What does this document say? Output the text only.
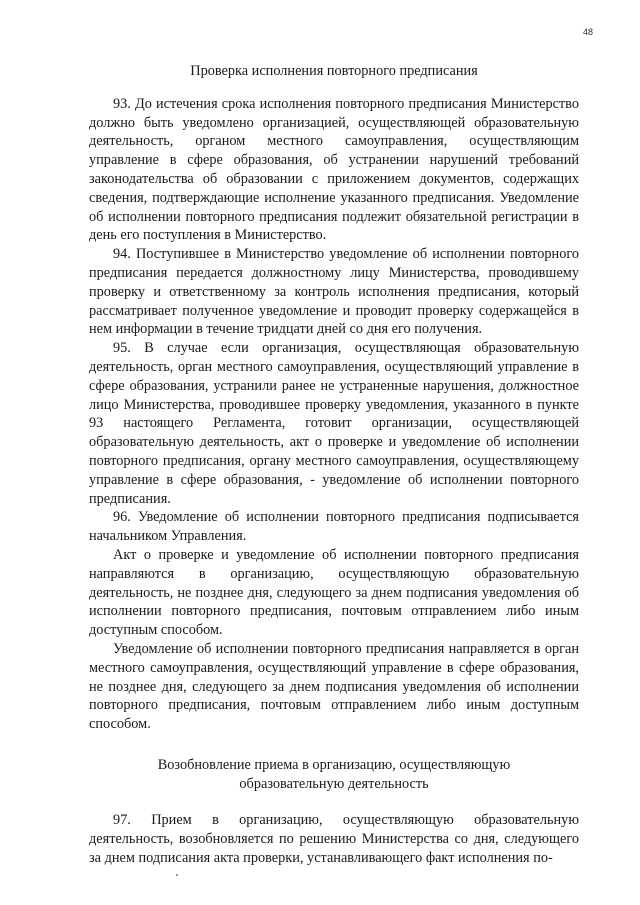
48
Проверка исполнения повторного предписания

93. До истечения срока исполнения повторного предписания Министерство должно быть уведомлено организацией, осуществляющей образовательную деятельность, органом местного самоуправления, осуществляющим управление в сфере образования, об устранении нарушений требований законодательства об образовании с приложением документов, содержащих сведения, подтверждающие исполнение указанного предписания. Уведомление об исполнении повторного предписания подлежит обязательной регистрации в день его поступления в Министерство.

94. Поступившее в Министерство уведомление об исполнении повторного предписания передается должностному лицу Министерства, проводившему проверку и ответственному за контроль исполнения предписания, который рассматривает полученное уведомление и проводит проверку содержащейся в нем информации в течение тридцати дней со дня его получения.

95. В случае если организация, осуществляющая образовательную деятельность, орган местного самоуправления, осуществляющий управление в сфере образования, устранили ранее не устраненные нарушения, должностное лицо Министерства, проводившее проверку уведомления, указанного в пункте 93 настоящего Регламента, готовит организации, осуществляющей образовательную деятельность, акт о проверке и уведомление об исполнении повторного предписания, органу местного самоуправления, осуществляющему управление в сфере образования, - уведомление об исполнении повторного предписания.

96. Уведомление об исполнении повторного предписания подписывается начальником Управления.

Акт о проверке и уведомление об исполнении повторного предписания направляются в организацию, осуществляющую образовательную деятельность, не позднее дня, следующего за днем подписания уведомления об исполнении повторного предписания, почтовым отправлением либо иным доступным способом.

Уведомление об исполнении повторного предписания направляется в орган местного самоуправления, осуществляющий управление в сфере образования, не позднее дня, следующего за днем подписания уведомления об исполнении повторного предписания, почтовым отправлением либо иным доступным способом.

Возобновление приема в организацию, осуществляющую
образовательную деятельность

97. Прием в организацию, осуществляющую образовательную деятельность, возобновляется по решению Министерства со дня, следующего за днем подписания акта проверки, устанавливающего факт исполнения по-
